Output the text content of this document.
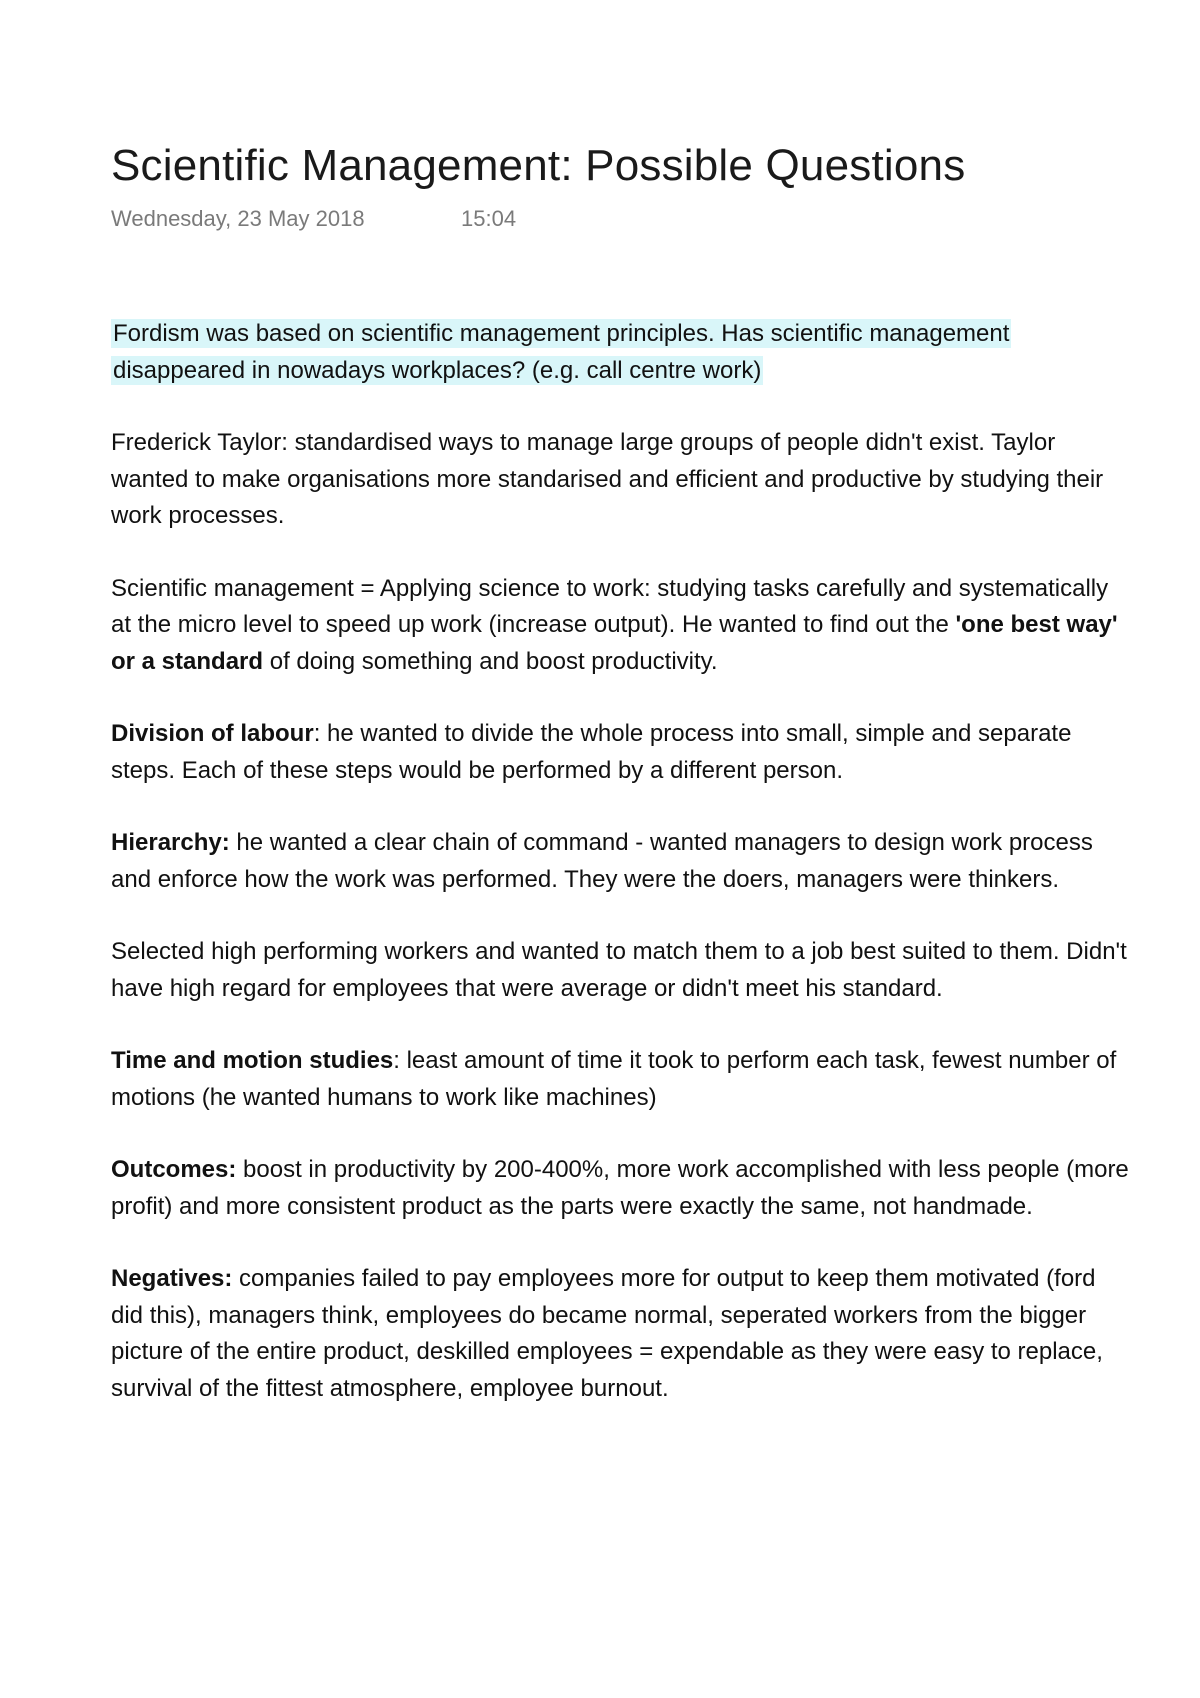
Scientific Management: Possible Questions
Wednesday, 23 May 2018	15:04

Fordism was based on scientific management principles. Has scientific management disappeared in nowadays workplaces? (e.g. call centre work)

Frederick Taylor: standardised ways to manage large groups of people didn't exist. Taylor wanted to make organisations more standarised and efficient and productive by studying their work processes.

Scientific management = Applying science to work: studying tasks carefully and systematically at the micro level to speed up work (increase output). He wanted to find out the 'one best way' or a standard of doing something and boost productivity.

Division of labour: he wanted to divide the whole process into small, simple and separate steps. Each of these steps would be performed by a different person.

Hierarchy: he wanted a clear chain of command - wanted managers to design work process and enforce how the work was performed. They were the doers, managers were thinkers.

Selected high performing workers and wanted to match them to a job best suited to them. Didn't have high regard for employees that were average or didn't meet his standard.

Time and motion studies: least amount of time it took to perform each task, fewest number of motions (he wanted humans to work like machines)

Outcomes: boost in productivity by 200-400%, more work accomplished with less people (more profit) and more consistent product as the parts were exactly the same, not handmade.

Negatives: companies failed to pay employees more for output to keep them motivated (ford did this), managers think, employees do became normal, seperated workers from the bigger picture of the entire product, deskilled employees = expendable as they were easy to replace, survival of the fittest atmosphere, employee burnout.
